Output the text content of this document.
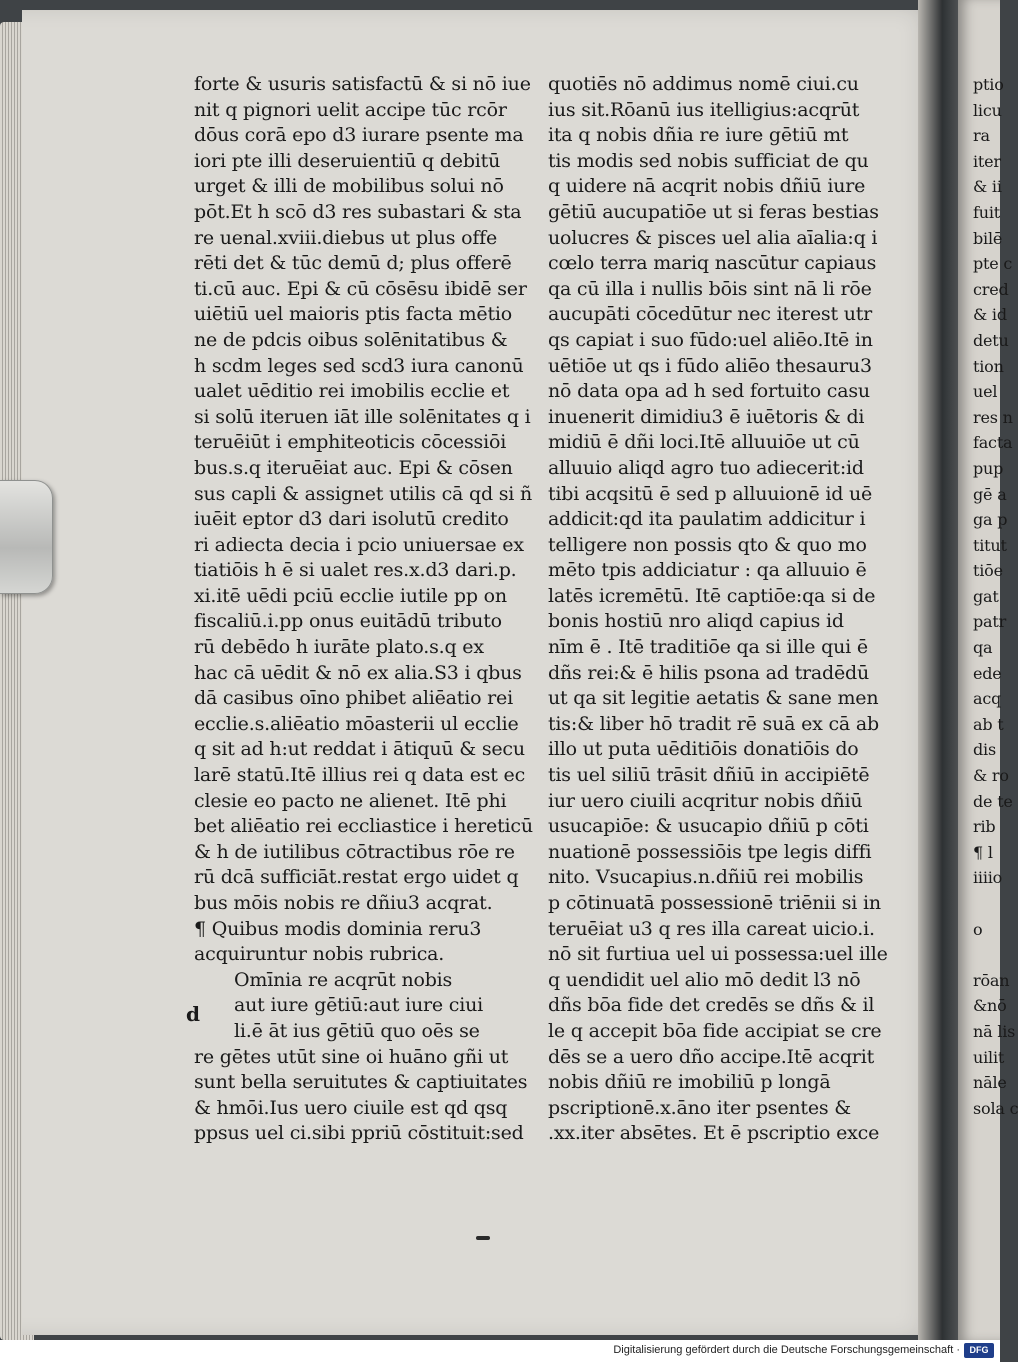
forte & usuris satisfactū & si nō iue
nit q pignori uelit accipe tūc rcōr
dōus corā epo d3 iurare psente ma
iori pte illi deseruientiū q debitū
urget & illi de mobilibus solui nō
pōt.Et h scō d3 res subastari & sta
re uenal.xviii.diebus ut plus offe
rēti det & tūc demū d; plus offerē
ti.cū auc. Epi & cū cōsēsu ibidē ser
uiētiū uel maioris ptis facta mētio
ne de pdcis oibus solēnitatibus &
h scdm leges sed scd3 iura canonū
ualet uēditio rei imobilis ecclie et
si solū iteruen iāt ille solēnitates q i
teruēiūt i emphiteoticis cōcessiōi
bus.s.q iteruēiat auc. Epi & cōsen
sus capli & assignet utilis cā qd si ñ
iuēit eptor d3 dari isolutū credito
ri adiecta decia i pcio uniuersae ex
tiatiōis h ē si ualet res.x.d3 dari.p.
xi.itē uēdi pciū ecclie iutile pp on
fiscaliū.i.pp onus euitādū tributo
rū debēdo h iurāte plato.s.q ex
hac cā uēdit & nō ex alia.S3 i qbus
dā casibus oīno phibet aliēatio rei
ecclie.s.aliēatio mōasterii ul ecclie
q sit ad h:ut reddat i ātiquū & secu
larē statū.Itē illius rei q data est ec
clesie eo pacto ne alienet. Itē phi
bet aliēatio rei eccliastice i hereticū
& h de iutilibus cōtractibus rōe re
rū dcā sufficiāt.restat ergo uidet q
bus mōis nobis re dñiu3 acqrat.
¶ Quibus modis dominia reru3
acquiruntur nobis rubrica.
Omīnia re acqrūt nobis
aut iure gētiū:aut iure ciui
li.ē āt ius gētiū quo oēs se
re gētes utūt sine oi huāno gñi ut
sunt bella seruitutes & captiuitates
& hmōi.Ius uero ciuile est qd qsq
ppsus uel ci.sibi ppriū cōstituit:sed
quotiēs nō addimus nomē ciui.cu
ius sit.Rōanū ius itelligius:acqrūt
ita q nobis dñia re iure gētiū mt
tis modis sed nobis sufficiat de qu
q uidere nā acqrit nobis dñiū iure
gētiū aucupatiōe ut si feras bestias
uolucres & pisces uel alia aīalia:q i
cœlo terra mariq nascūtur capiaus
qa cū illa i nullis bōis sint nā li rōe
aucupāti cōcedūtur nec iterest utr
qs capiat i suo fūdo:uel aliēo.Itē in
uētiōe ut qs i fūdo aliēo thesauru3
nō data opa ad h sed fortuito casu
inuenerit dimidiu3 ē iuētoris & di
midiū ē dñi loci.Itē alluuiōe ut cū
alluuio aliqd agro tuo adiecerit:id
tibi acqsitū ē sed p alluuionē id uē
addicit:qd ita paulatim addicitur i
telligere non possis qto & quo mo
mēto tpis addiciatur : qa alluuio ē
latēs icremētū. Itē captiōe:qa si de
bonis hostiū nro aliqd capius id
nīm ē . Itē traditiōe qa si ille qui ē
dñs rei:& ē hilis psona ad tradēdū
ut qa sit legitie aetatis & sane men
tis:& liber hō tradit rē suā ex cā ab
illo ut puta uēditiōis donatiōis do
tis uel siliū trāsit dñiū in accipiētē
iur uero ciuili acqritur nobis dñiū
usucapiōe: & usucapio dñiū p cōti
nuationē possessiōis tpe legis diffi
nito. Vsucapius.n.dñiū rei mobilis
p cōtinuatā possessionē triēnii si in
teruēiat u3 q res illa careat uicio.i.
nō sit furtiua uel ui possessa:uel ille
q uendidit uel alio mō dedit l3 nō
dñs bōa fide det credēs se dñs & il
le q accepit bōa fide accipiat se cre
dēs se a uero dño accipe.Itē acqrit
nobis dñiū re imobiliū p longā
pscriptionē.x.āno iter psentes &
.xx.iter absētes. Et ē pscriptio exce
ptio
licu
ra
iter
& ii
fuit
bilē
pte c
cred
& id
detu
tion
uel
res n
facta
pup
gē a
ga p
titut
tiōe
gat
patr
qa
ede
acq
ab t
dis
& ro
de te
rib
¶ l
iiiio
o
rōan
&nō
nā lis
uilit
nāle
sola c
d
Digitalisierung gefördert durch die Deutsche Forschungsgemeinschaft ·	DFG
